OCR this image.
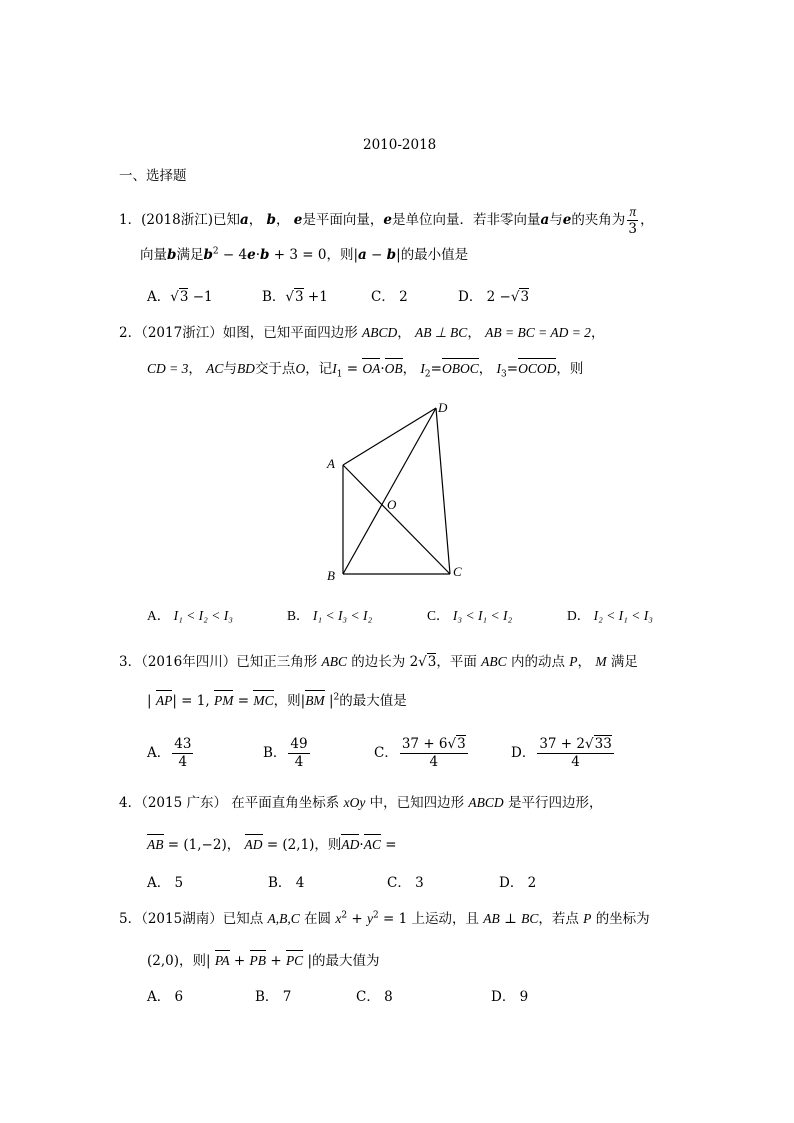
2010-2018
一、选择题
1．(2018浙江)已知a， b， e是平面向量，e是单位向量．若非零向量a与e的夹角为 $\frac{\pi}{3}$ ，
向量b满足$b^2 - 4e\cdot b + 3 = 0$，则|a − b|的最小值是
A．√3 −1	B．√3 +1	C． 2	D． 2 −√3
2．（2017浙江）如图，已知平面四边形 ABCD， AB ⊥ BC， AB = BC = AD = 2，
CD = 3， AC与BD交于点O，记$I_1 = OA\cdot OB$， $I_2=OBOC$， $I_3=OCOD$，则
A
B	C
D
O
A． I₁ < I₂ < I₃	B． I₁ < I₃ < I₂	C． I₃ < I₁ < I₂	D． I₂ < I₁ < I₃
3．（2016年四川）已知正三角形 ABC 的边长为 2√3，平面 ABC 内的动点 P， M 满足
| AP| = 1, PM = MC，则|BM $|^2$的最大值是
A． $\frac{43}{4}$	B． $\frac{49}{4}$	C． $\frac{37 + 6√3}{4}$	D． $\frac{37 + 2√33}{4}$
4．（2015 广东） 在平面直角坐标系 xOy 中，已知四边形 ABCD 是平行四边形，
AB = (1,−2)， AD = (2,1)，则AD·AC =
A． 5	B． 4	C． 3	D． 2
5．（2015湖南）已知点 A,B,C 在圆 $x^2 + y^2 = 1$ 上运动，且 AB ⊥ BC，若点 P 的坐标为
(2,0)，则| PA + PB + PC |的最大值为
A． 6	B． 7	C． 8	D． 9
